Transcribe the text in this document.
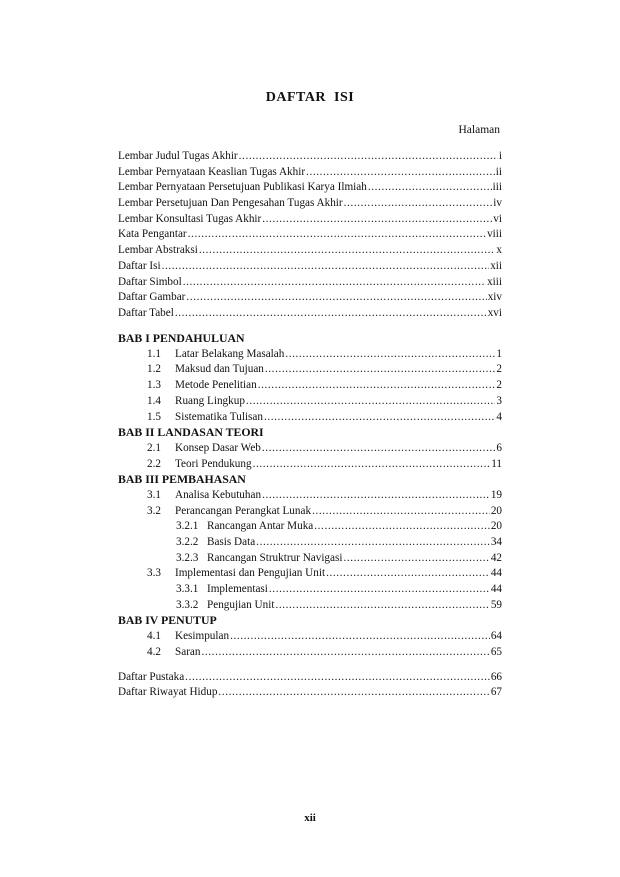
DAFTAR ISI
Halaman
Lembar Judul Tugas Akhir .....	i
Lembar Pernyataan Keaslian Tugas Akhir .....	ii
Lembar Pernyataan Persetujuan Publikasi Karya Ilmiah .....	iii
Lembar Persetujuan Dan Pengesahan Tugas Akhir .....	iv
Lembar Konsultasi Tugas Akhir .....	vi
Kata Pengantar .....	viii
Lembar Abstraksi .....	x
Daftar Isi .....	xii
Daftar Simbol .....	xiii
Daftar Gambar .....	xiv
Daftar Tabel .....	xvi
BAB I PENDAHULUAN
1.1	Latar Belakang Masalah .....	1
1.2	Maksud dan Tujuan .....	2
1.3	Metode Penelitian .....	2
1.4	Ruang Lingkup .....	3
1.5	Sistematika Tulisan .....	4
BAB II LANDASAN TEORI
2.1	Konsep Dasar Web .....	6
2.2	Teori Pendukung .....	11
BAB III PEMBAHASAN
3.1	Analisa Kebutuhan .....	19
3.2	Perancangan Perangkat Lunak .....	20
3.2.1 Rancangan Antar Muka .....	20
3.2.2 Basis Data .....	34
3.2.3 Rancangan Struktrur Navigasi .....	42
3.3	Implementasi dan Pengujian Unit .....	44
3.3.1 Implementasi .....	44
3.3.2 Pengujian Unit .....	59
BAB IV PENUTUP
4.1	Kesimpulan .....	64
4.2	Saran .....	65
Daftar Pustaka .....	66
Daftar Riwayat Hidup .....	67
xii
